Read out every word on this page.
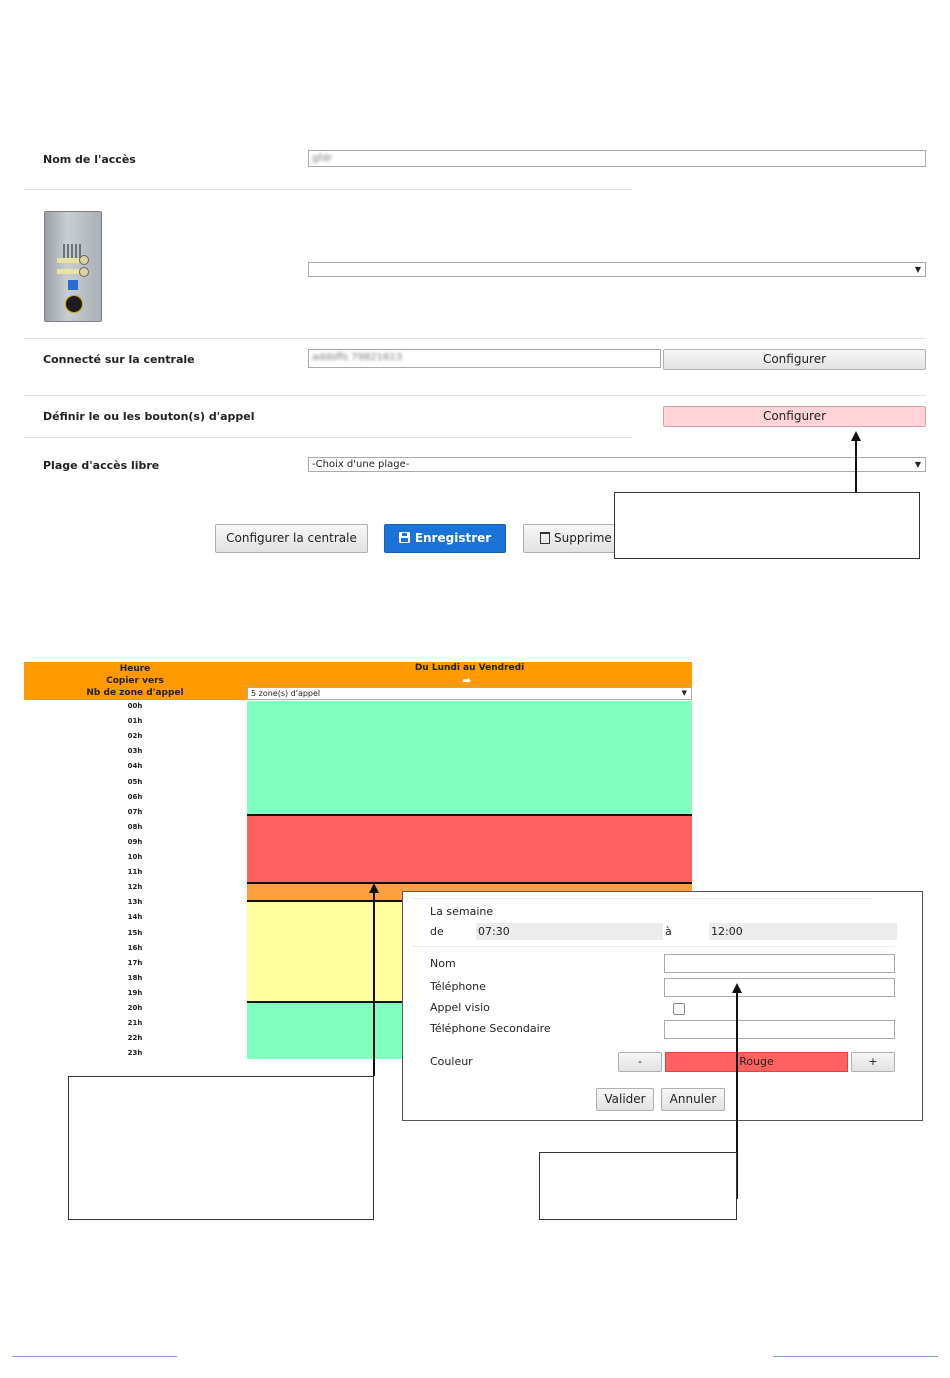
Nom de l'accès	gfdr
▼
Connecté sur la centrale	addsffs 79821613	Configurer
Définir le ou les bouton(s) d'appel	Configurer
Plage d'accès libre	-Choix d'une plage-	▼
Configurer la centrale	Enregistrer	Supprime
Heure
Copier vers
Nb de zone d'appel
Du Lundi au Vendredi
➡
5 zone(s) d'appel	▼
00h
01h
02h
03h
04h
05h
06h
07h
08h
09h
10h
11h
12h
13h
14h
15h
16h
17h
18h
19h
20h
21h
22h
23h
La semaine
de	07:30	à	12:00
Nom
Téléphone
Appel visio
Téléphone Secondaire
Couleur	-	Rouge	+
Valider	Annuler
